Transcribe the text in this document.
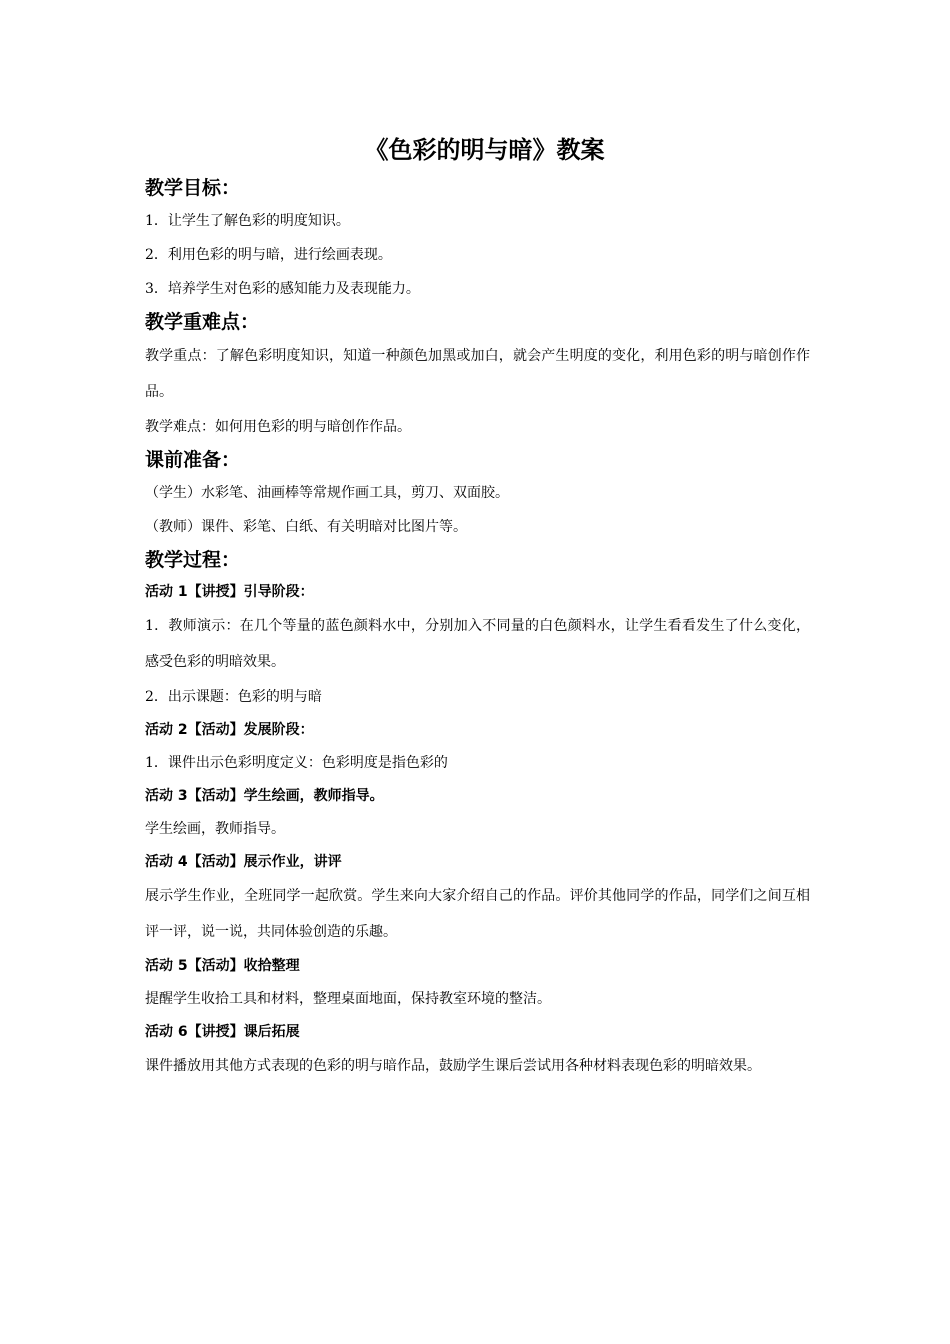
《色彩的明与暗》教案
教学目标：

1．让学生了解色彩的明度知识。

2．利用色彩的明与暗，进行绘画表现。

3．培养学生对色彩的感知能力及表现能力。

教学重难点：

教学重点：了解色彩明度知识，知道一种颜色加黑或加白，就会产生明度的变化，利用色彩的明与暗创作作品。

教学难点：如何用色彩的明与暗创作作品。

课前准备：

（学生）水彩笔、油画棒等常规作画工具，剪刀、双面胶。

（教师）课件、彩笔、白纸、有关明暗对比图片等。

教学过程：

活动 1【讲授】引导阶段：

1．教师演示：在几个等量的蓝色颜料水中，分别加入不同量的白色颜料水，让学生看看发生了什么变化，感受色彩的明暗效果。

2．出示课题：色彩的明与暗

活动 2【活动】发展阶段：

1．课件出示色彩明度定义：色彩明度是指色彩的

活动 3【活动】学生绘画，教师指导。

学生绘画，教师指导。

活动 4【活动】展示作业，讲评

展示学生作业，全班同学一起欣赏。学生来向大家介绍自己的作品。评价其他同学的作品，同学们之间互相评一评，说一说，共同体验创造的乐趣。

活动 5【活动】收拾整理

提醒学生收拾工具和材料，整理桌面地面，保持教室环境的整洁。

活动 6【讲授】课后拓展

课件播放用其他方式表现的色彩的明与暗作品，鼓励学生课后尝试用各种材料表现色彩的明暗效果。
